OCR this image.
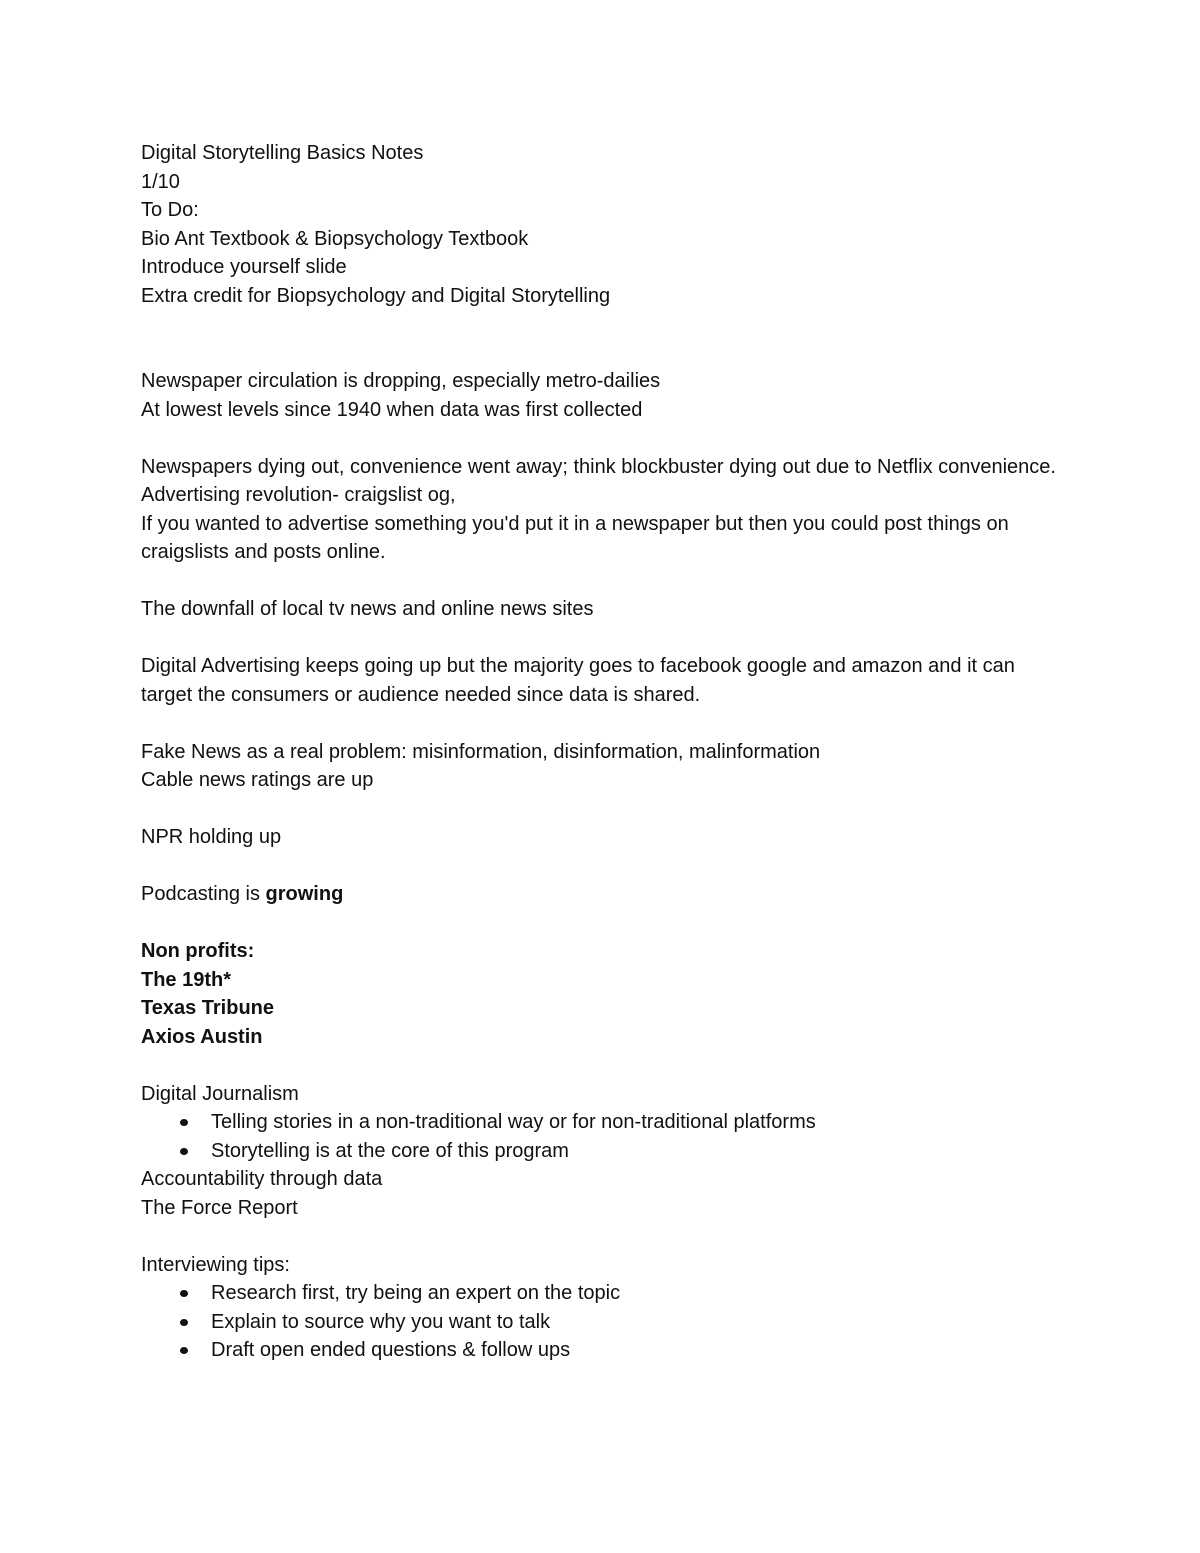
Digital Storytelling Basics Notes
1/10
To Do:
Bio Ant Textbook & Biopsychology Textbook
Introduce yourself slide
Extra credit for Biopsychology and Digital Storytelling
Newspaper circulation is dropping, especially metro-dailies
At lowest levels since 1940 when data was first collected
Newspapers dying out, convenience went away; think blockbuster dying out due to Netflix convenience.
Advertising revolution- craigslist og,
If you wanted to advertise something you'd put it in a newspaper but then you could post things on craigslists and posts online.
The downfall of local tv news and online news sites
Digital Advertising keeps going up but the majority goes to facebook google and amazon and it can target the consumers or audience needed since data is shared.
Fake News as a real problem: misinformation, disinformation, malinformation
Cable news ratings are up
NPR holding up
Podcasting is growing
Non profits:
The 19th*
Texas Tribune
Axios Austin
Digital Journalism
Telling stories in a non-traditional way or for non-traditional platforms
Storytelling is at the core of this program
Accountability through data
The Force Report
Interviewing tips:
Research first, try being an expert on the topic
Explain to source why you want to talk
Draft open ended questions & follow ups
